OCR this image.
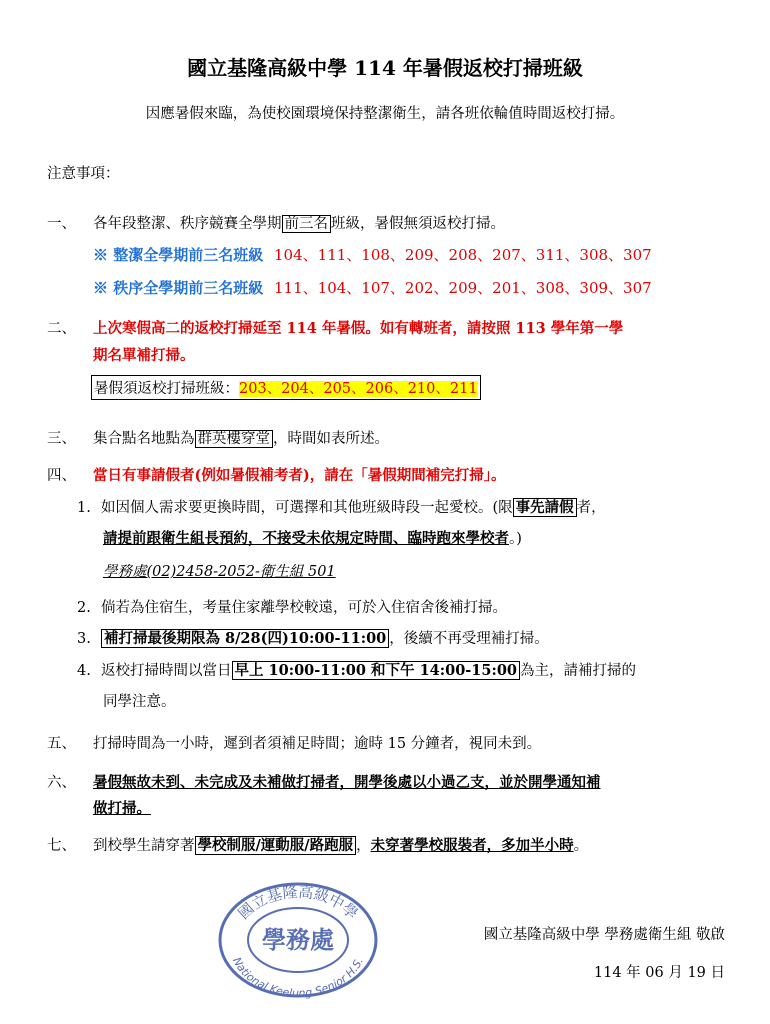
國立基隆高級中學 114 年暑假返校打掃班級
因應暑假來臨，為使校園環境保持整潔衛生，請各班依輪值時間返校打掃。
注意事項：
一、 各年段整潔、秩序競賽全學期 前三名 班級，暑假無須返校打掃。
※ 整潔全學期前三名班級 104、111、108、209、208、207、311、308、307
※ 秩序全學期前三名班級 111、104、107、202、209、201、308、309、307
二、 上次寒假高二的返校打掃延至 114 年暑假。如有轉班者，請按照 113 學年第一學
期名單補打掃。
暑假須返校打掃班級：203、204、205、206、210、211
三、 集合點名地點為 群英樓穿堂 ，時間如表所述。
四、 當日有事請假者(例如暑假補考者)，請在「暑假期間補完打掃」。
1. 如因個人需求要更換時間，可選擇和其他班級時段一起愛校。(限 事先請假 者，
請提前跟衛生組長預約，不接受未依規定時間、臨時跑來學校者。)
學務處(02)2458-2052-衛生組 501
2. 倘若為住宿生，考量住家離學校較遠，可於入住宿舍後補打掃。
3. 補打掃最後期限為 8/28(四)10:00-11:00 ，後續不再受理補打掃。
4. 返校打掃時間以當日 早上 10:00-11:00 和下午 14:00-15:00 為主，請補打掃的
同學注意。
五、 打掃時間為一小時，遲到者須補足時間；逾時 15 分鐘者，視同未到。
六、 暑假無故未到、未完成及未補做打掃者，開學後處以小過乙支，並於開學通知補
做打掃。
七、 到校學生請穿著 學校制服/運動服/路跑服 ，未穿著學校服裝者，多加半小時。
國立基隆高級中學
學務處
National Keelung Senior H.S.
國立基隆高級中學 學務處衛生組 敬啟
114 年 06 月 19 日
